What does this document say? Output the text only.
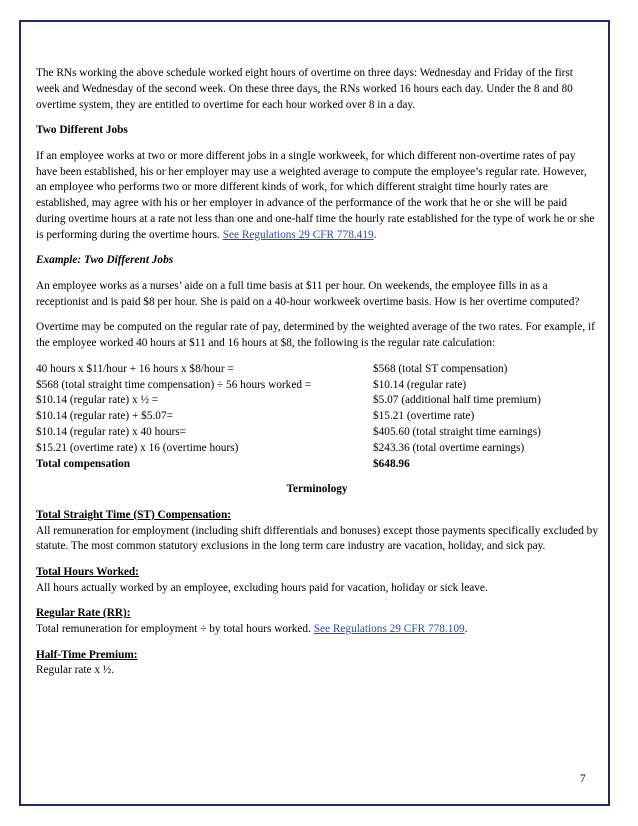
The RNs working the above schedule worked eight hours of overtime on three days: Wednesday and Friday of the first week and Wednesday of the second week. On these three days, the RNs worked 16 hours each day. Under the 8 and 80 overtime system, they are entitled to overtime for each hour worked over 8 in a day.

Two Different Jobs

If an employee works at two or more different jobs in a single workweek, for which different non-overtime rates of pay have been established, his or her employer may use a weighted average to compute the employee’s regular rate. However, an employee who performs two or more different kinds of work, for which different straight time hourly rates are established, may agree with his or her employer in advance of the performance of the work that he or she will be paid during overtime hours at a rate not less than one and one-half time the hourly rate established for the type of work he or she is performing during the overtime hours. See Regulations 29 CFR 778.419.

Example: Two Different Jobs

An employee works as a nurses’ aide on a full time basis at $11 per hour. On weekends, the employee fills in as a receptionist and is paid $8 per hour. She is paid on a 40-hour workweek overtime basis. How is her overtime computed?

Overtime may be computed on the regular rate of pay, determined by the weighted average of the two rates. For example, if the employee worked 40 hours at $11 and 16 hours at $8, the following is the regular rate calculation:

40 hours x $11/hour + 16 hours x $8/hour =	$568 (total ST compensation)
$568 (total straight time compensation) ÷ 56 hours worked =	$10.14 (regular rate)
$10.14 (regular rate) x ½ =	$5.07 (additional half time premium)
$10.14 (regular rate) + $5.07=	$15.21 (overtime rate)
$10.14 (regular rate) x 40 hours=	$405.60 (total straight time earnings)
$15.21 (overtime rate) x 16 (overtime hours)	$243.36 (total overtime earnings)
Total compensation	$648.96

Terminology

Total Straight Time (ST) Compensation:

All remuneration for employment (including shift differentials and bonuses) except those payments specifically excluded by statute. The most common statutory exclusions in the long term care industry are vacation, holiday, and sick pay.

Total Hours Worked:

All hours actually worked by an employee, excluding hours paid for vacation, holiday or sick leave.

Regular Rate (RR):

Total remuneration for employment ÷ by total hours worked. See Regulations 29 CFR 778.109.

Half-Time Premium:

Regular rate x ½.

7
